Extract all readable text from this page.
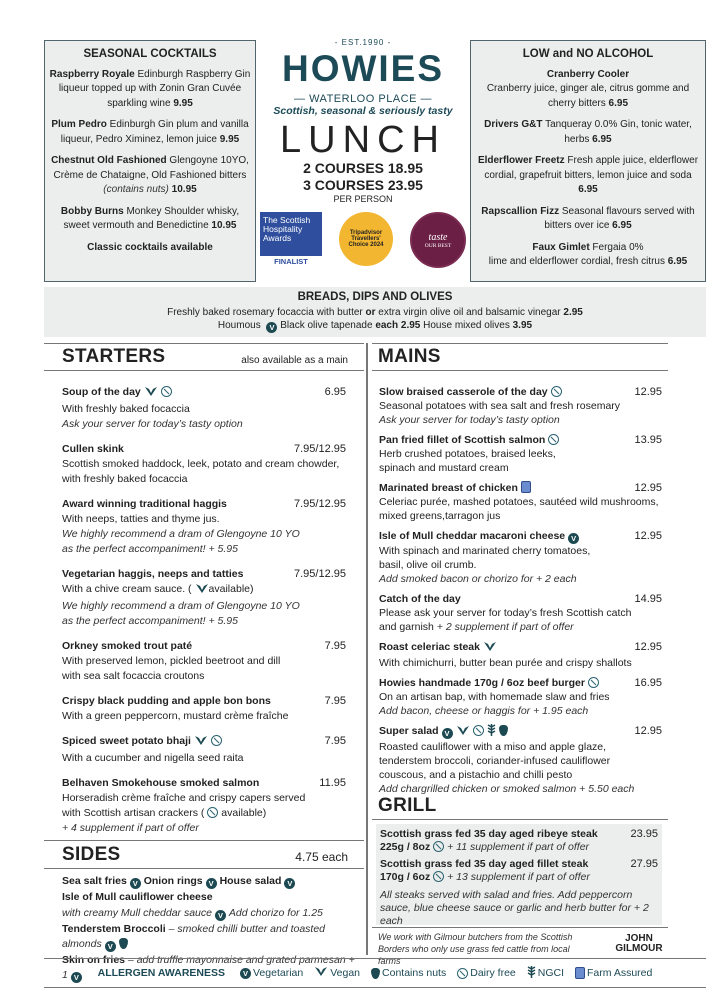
SEASONAL COCKTAILS

Raspberry Royale Edinburgh Raspberry Gin liqueur topped up with Zonin Gran Cuvée sparkling wine 9.95

Plum Pedro Edinburgh Gin plum and vanilla liqueur, Pedro Ximinez, lemon juice 9.95

Chestnut Old Fashioned Glengoyne 10YO, Crème de Chataigne, Old Fashioned bitters (contains nuts) 10.95

Bobby Burns Monkey Shoulder whisky, sweet vermouth and Benedictine 10.95

Classic cocktails available

- EST.1990 -
HOWIES
— WATERLOO PLACE —
Scottish, seasonal & seriously tasty
LUNCH
2 COURSES 18.95
3 COURSES 23.95
PER PERSON
The Scottish Hospitality Awards
FINALIST
Tripadvisor Travellers' Choice 2024
taste
OUR BEST
LOW and NO ALCOHOL

Cranberry Cooler
Cranberry juice, ginger ale, citrus gomme and cherry bitters 6.95

Drivers G&T Tanqueray 0.0% Gin, tonic water, herbs 6.95

Elderflower Freetz Fresh apple juice, elderflower cordial, grapefruit bitters, lemon juice and soda 6.95

Rapscallion Fizz Seasonal flavours served with bitters over ice 6.95

Faux Gimlet Fergaia 0%
lime and elderflower cordial, fresh citrus 6.95

BREADS, DIPS AND OLIVES
Freshly baked rosemary focaccia with butter or extra virgin olive oil and balsamic vinegar 2.95
Houmous V Black olive tapenade each 2.95 House mixed olives 3.95
STARTERS	also available as a main MAINS
Soup of the day	6.95
With freshly baked focaccia
Ask your server for today’s tasty option
Cullen skink	7.95/12.95
Scottish smoked haddock, leek, potato and cream chowder,
with freshly baked focaccia
Award winning traditional haggis	7.95/12.95
With neeps, tatties and thyme jus.
We highly recommend a dram of Glengoyne 10 YO
as the perfect accompaniment! + 5.95
Vegetarian haggis, neeps and tatties	7.95/12.95
With a chive cream sauce. ( available)
We highly recommend a dram of Glengoyne 10 YO
as the perfect accompaniment! + 5.95
Orkney smoked trout paté	7.95
With preserved lemon, pickled beetroot and dill
with sea salt focaccia croutons
Crispy black pudding and apple bon bons	7.95
With a green peppercorn, mustard crème fraîche
Spiced sweet potato bhaji	7.95
With a cucumber and nigella seed raita
Belhaven Smokehouse smoked salmon	11.95
Horseradish crème fraîche and crispy capers served
with Scottish artisan crackers ( available)
+ 4 supplement if part of offer
Slow braised casserole of the day	12.95
Seasonal potatoes with sea salt and fresh rosemary
Ask your server for today’s tasty option
Pan fried fillet of Scottish salmon	13.95
Herb crushed potatoes, braised leeks,
spinach and mustard cream
Marinated breast of chicken	12.95
Celeriac purée, mashed potatoes, sautéed wild mushrooms,
mixed greens,tarragon jus
Isle of Mull cheddar macaroni cheese V	12.95
With spinach and marinated cherry tomatoes,
basil, olive oil crumb.
Add smoked bacon or chorizo for + 2 each
Catch of the day	14.95
Please ask your server for today’s fresh Scottish catch
and garnish + 2 supplement if part of offer
Roast celeriac steak	12.95
With chimichurri, butter bean purée and crispy shallots
Howies handmade 170g / 6oz beef burger	16.95
On an artisan bap, with homemade slaw and fries
Add bacon, cheese or haggis for + 1.95 each
Super salad V	12.95
Roasted cauliflower with a miso and apple glaze,
tenderstem broccoli, coriander-infused cauliflower
couscous, and a pistachio and chilli pesto
Add chargrilled chicken or smoked salmon + 5.50 each
GRILL
Scottish grass fed 35 day aged ribeye steak	23.95
225g / 8oz + 11 supplement if part of offer
Scottish grass fed 35 day aged fillet steak	27.95
170g / 6oz + 13 supplement if part of offer
All steaks served with salad and fries. Add peppercorn sauce, blue cheese sauce or garlic and herb butter for + 2 each
We work with Gilmour butchers from the Scottish Borders who only use grass fed cattle from local farms
JOHN GILMOUR
SIDES	4.75 each
Sea salt fries V Onion rings V House salad V
Isle of Mull cauliflower cheese
with creamy Mull cheddar sauce V Add chorizo for 1.25
Tenderstem Broccoli – smoked chilli butter and toasted almonds V
Skin on fries – add truffle mayonnaise and grated parmesan + 1 V	ALLERGEN AWARENESS	V Vegetarian	Vegan Contains nuts Dairy free NGCI Farm Assured
